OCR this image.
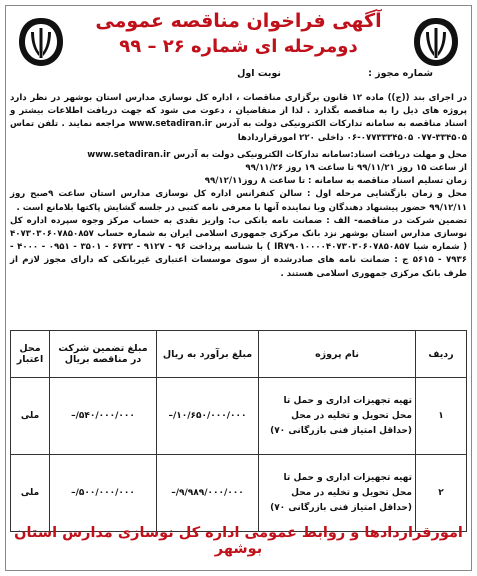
آگهی فراخوان مناقصه عمومی
دومرحله ای شماره ۲۶ – ۹۹
نوبت اول	شماره مجوز :

در اجرای بند ((ج)) ماده ۱۲ قانون برگزاری مناقصات ، اداره کل نوسازی مدارس استان بوشهر در نظر دارد پروژه های ذیل را به مناقصه بگذارد . لذا از متقاضیان ، دعوت می شود که جهت دریافت اطلاعات بیشتر و اسناد مناقصه به سامانه تدارکات الکترونیکی دولت به آدرس www.setadiran.ir مراجعه نمایند . تلفن تماس ۳۳۴۵۰۵-۰۷۷ ۰۷۷۳۳۳۴۵۰۵-۰۶ داخلی ۲۲۰ امورقراردادها

محل و مهلت دریافت اسناد:سامانه تدارکات الکترونیکی دولت به آدرس www.setadiran.ir

از ساعت ۱۵ روز ۹۹/۱۱/۲۱ تا ساعت ۱۹ روز ۹۹/۱۱/۲۶

زمان تسلیم اسناد مناقصه به سامانه : تا ساعت ۸ روز۹۹/۱۲/۱۱

محل و زمان بازگشایی مرحله اول : سالن کنفرانس اداره کل نوسازی مدارس استان ساعت ۹صبح روز ۹۹/۱۲/۱۱ حضور پیشنهاد دهندگان ویا نماینده آنها با معرفی نامه کتبی در جلسه گشایش پاکتها بلامانع است .

تضمین شرکت در مناقصه- الف : ضمانت نامه بانکی ب: واریز نقدی به حساب مرکز وجوه سپرده اداره کل نوسازی مدارس استان بوشهر نزد بانک مرکزی جمهوری اسلامی ایران به شماره حساب ۴۰۷۳۰۳۰۶۰۷۸۵۰۸۵۷ ( شماره شبا IR۷۹۰۱۰۰۰۰۴۰۷۳۰۳۰۶۰۷۸۵۰۸۵۷ ) با شناسه پرداخت ۹۶ - ۹۱۲۷ - ۶۷۳۲ - ۳۵۰۱ - ۰۹۵۱ - ۴۰۰۰ - ۷۹۳۶ - ۵۶۱۵ ج : ضمانت نامه های صادرشده از سوی موسسات اعتباری غیربانکی که دارای مجوز لازم از طرف بانک مرکزی جمهوری اسلامی هستند .

ردیف	نام پروژه	مبلغ برآورد به ریال	مبلغ تضمین شرکت در مناقصه بریال	محل اعتبار
۱	تهیه تجهیزات اداری و حمل تا محل تحویل و تخلیه در محل (حداقل امتیاز فنی بازرگانی ۷۰)	۱۰/۶۵۰/۰۰۰/۰۰۰/–	۵۴۰/۰۰۰/۰۰۰/–	ملی
۲	تهیه تجهیزات اداری و حمل تا محل تحویل و تخلیه در محل (حداقل امتیاز فنی بازرگانی ۷۰)	۹/۹۸۹/۰۰۰/۰۰۰/–	۵۰۰/۰۰۰/۰۰۰/–	ملی
امورقراردادها و روابط عمومی اداره کل نوسازی مدارس استان بوشهر
